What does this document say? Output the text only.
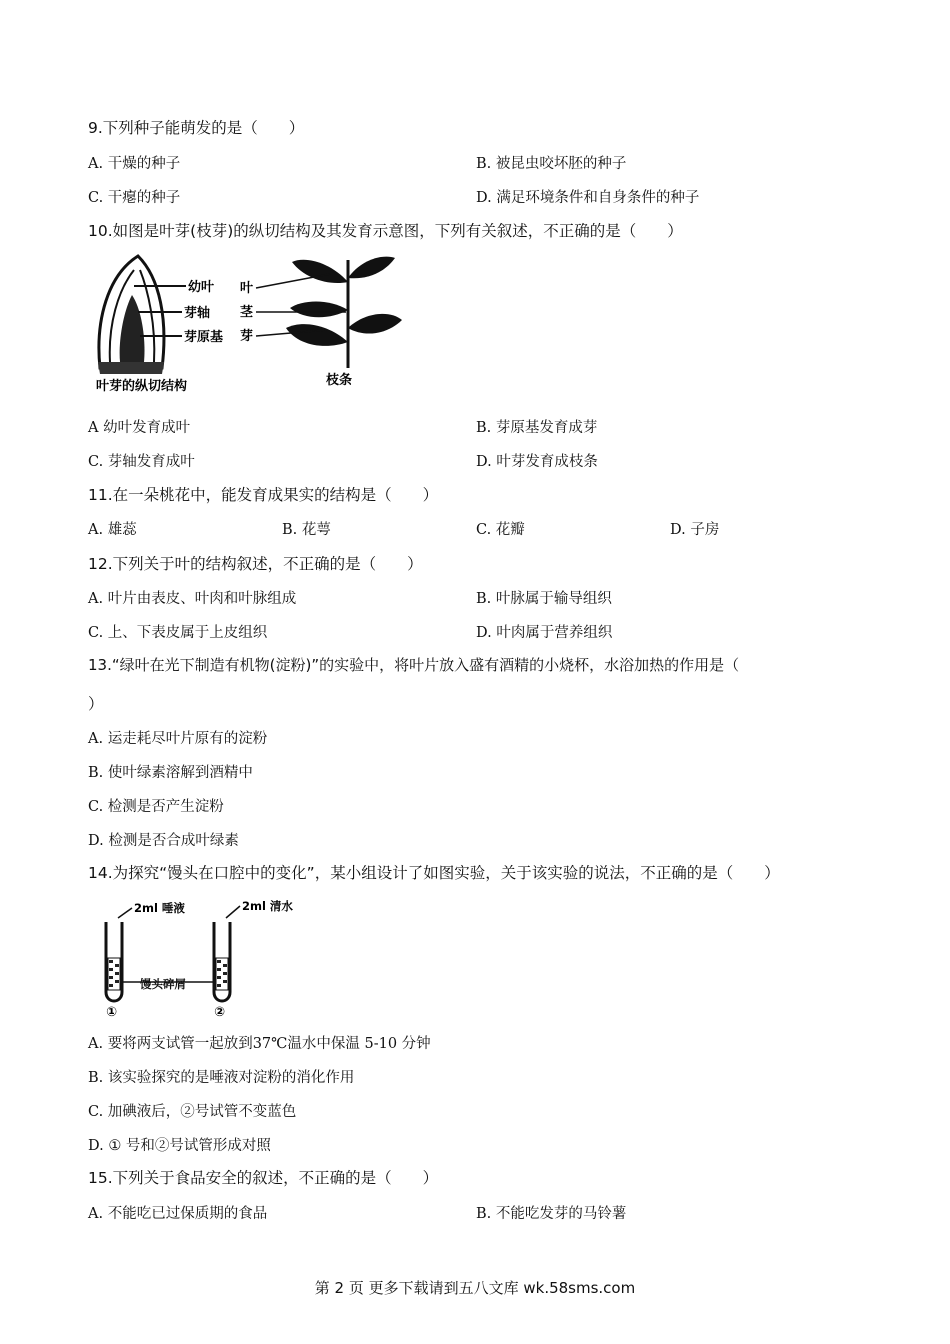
9.下列种子能萌发的是（　　）
A. 干燥的种子	B. 被昆虫咬坏胚的种子
C. 干瘪的种子	D. 满足环境条件和自身条件的种子
10.如图是叶芽(枝芽)的纵切结构及其发育示意图，下列有关叙述，不正确的是（　　）
幼叶
芽轴
芽原基
叶芽的纵切结构
叶
茎
芽
枝条
A 幼叶发育成叶	B. 芽原基发育成芽
C. 芽轴发育成叶	D. 叶芽发育成枝条
11.在一朵桃花中，能发育成果实的结构是（　　）
A. 雄蕊	B. 花萼	C. 花瓣	D. 子房
12.下列关于叶的结构叙述，不正确的是（　　）
A. 叶片由表皮、叶肉和叶脉组成	B. 叶脉属于输导组织
C. 上、下表皮属于上皮组织	D. 叶肉属于营养组织
13.“绿叶在光下制造有机物(淀粉)”的实验中，将叶片放入盛有酒精的小烧杯，水浴加热的作用是（
）
A. 运走耗尽叶片原有的淀粉
B. 使叶绿素溶解到酒精中
C. 检测是否产生淀粉
D. 检测是否合成叶绿素
14.为探究“馒头在口腔中的变化”，某小组设计了如图实验，关于该实验的说法，不正确的是（　　）
2ml 唾液	2ml 清水
馒头碎屑
①	②
A. 要将两支试管一起放到37℃温水中保温 5-10 分钟
B. 该实验探究的是唾液对淀粉的消化作用
C. 加碘液后，②号试管不变蓝色
D. ① 号和②号试管形成对照
15.下列关于食品安全的叙述，不正确的是（　　）
A. 不能吃已过保质期的食品	B. 不能吃发芽的马铃薯
第 2 页 更多下载请到五八文库 wk.58sms.com
